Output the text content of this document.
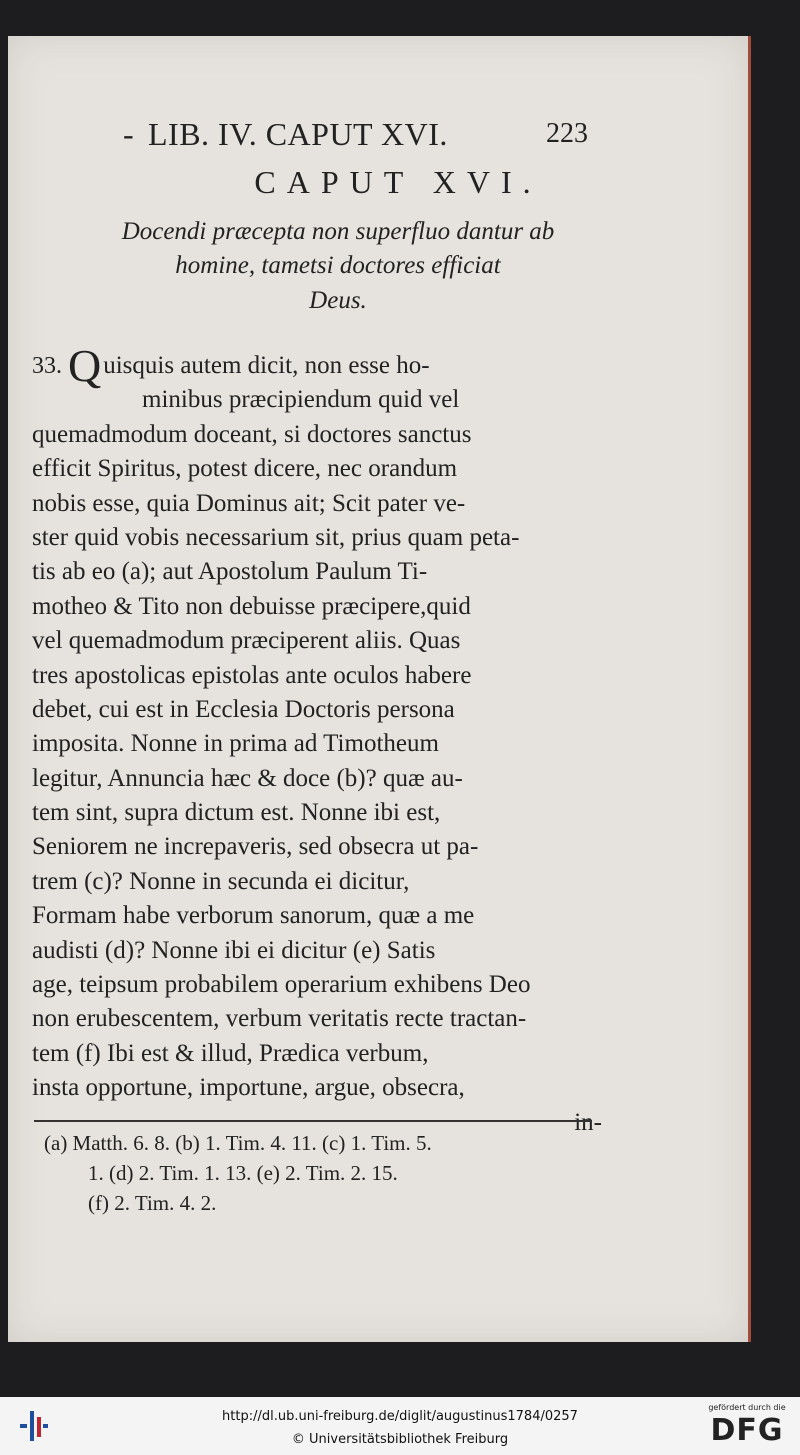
- LIB. IV. CAPUT XVI.	223
CAPUT XVI.
Docendi præcepta non superfluo dantur ab
homine, tametsi doctores efficiat
Deus.
33. Quisquis autem dicit, non esse ho-
minibus præcipiendum quid vel
quemadmodum doceant, si doctores sanctus
efficit Spiritus, potest dicere, nec orandum
nobis esse, quia Dominus ait; Scit pater ve-
ster quid vobis necessarium sit, prius quam peta-
tis ab eo (a); aut Apostolum Paulum Ti-
motheo & Tito non debuisse præcipere,quid
vel quemadmodum præciperent aliis. Quas
tres apostolicas epistolas ante oculos habere
debet, cui est in Ecclesia Doctoris persona
imposita. Nonne in prima ad Timotheum
legitur, Annuncia hæc & doce (b)? quæ au-
tem sint, supra dictum est. Nonne ibi est,
Seniorem ne increpaveris, sed obsecra ut pa-
trem (c)? Nonne in secunda ei dicitur,
Formam habe verborum sanorum, quæ a me
audisti (d)? Nonne ibi ei dicitur (e) Satis
age, teipsum probabilem operarium exhibens Deo
non erubescentem, verbum veritatis recte tractan-
tem (f) Ibi est & illud, Prædica verbum,
insta opportune, importune, argue, obsecra,
in-
(a) Matth. 6. 8. (b) 1. Tim. 4. 11. (c) 1. Tim. 5.
1. (d) 2. Tim. 1. 13. (e) 2. Tim. 2. 15.
(f) 2. Tim. 4. 2.
http://dl.ub.uni-freiburg.de/diglit/augustinus1784/0257
© Universitätsbibliothek Freiburg
gefördert durch die
DFG
